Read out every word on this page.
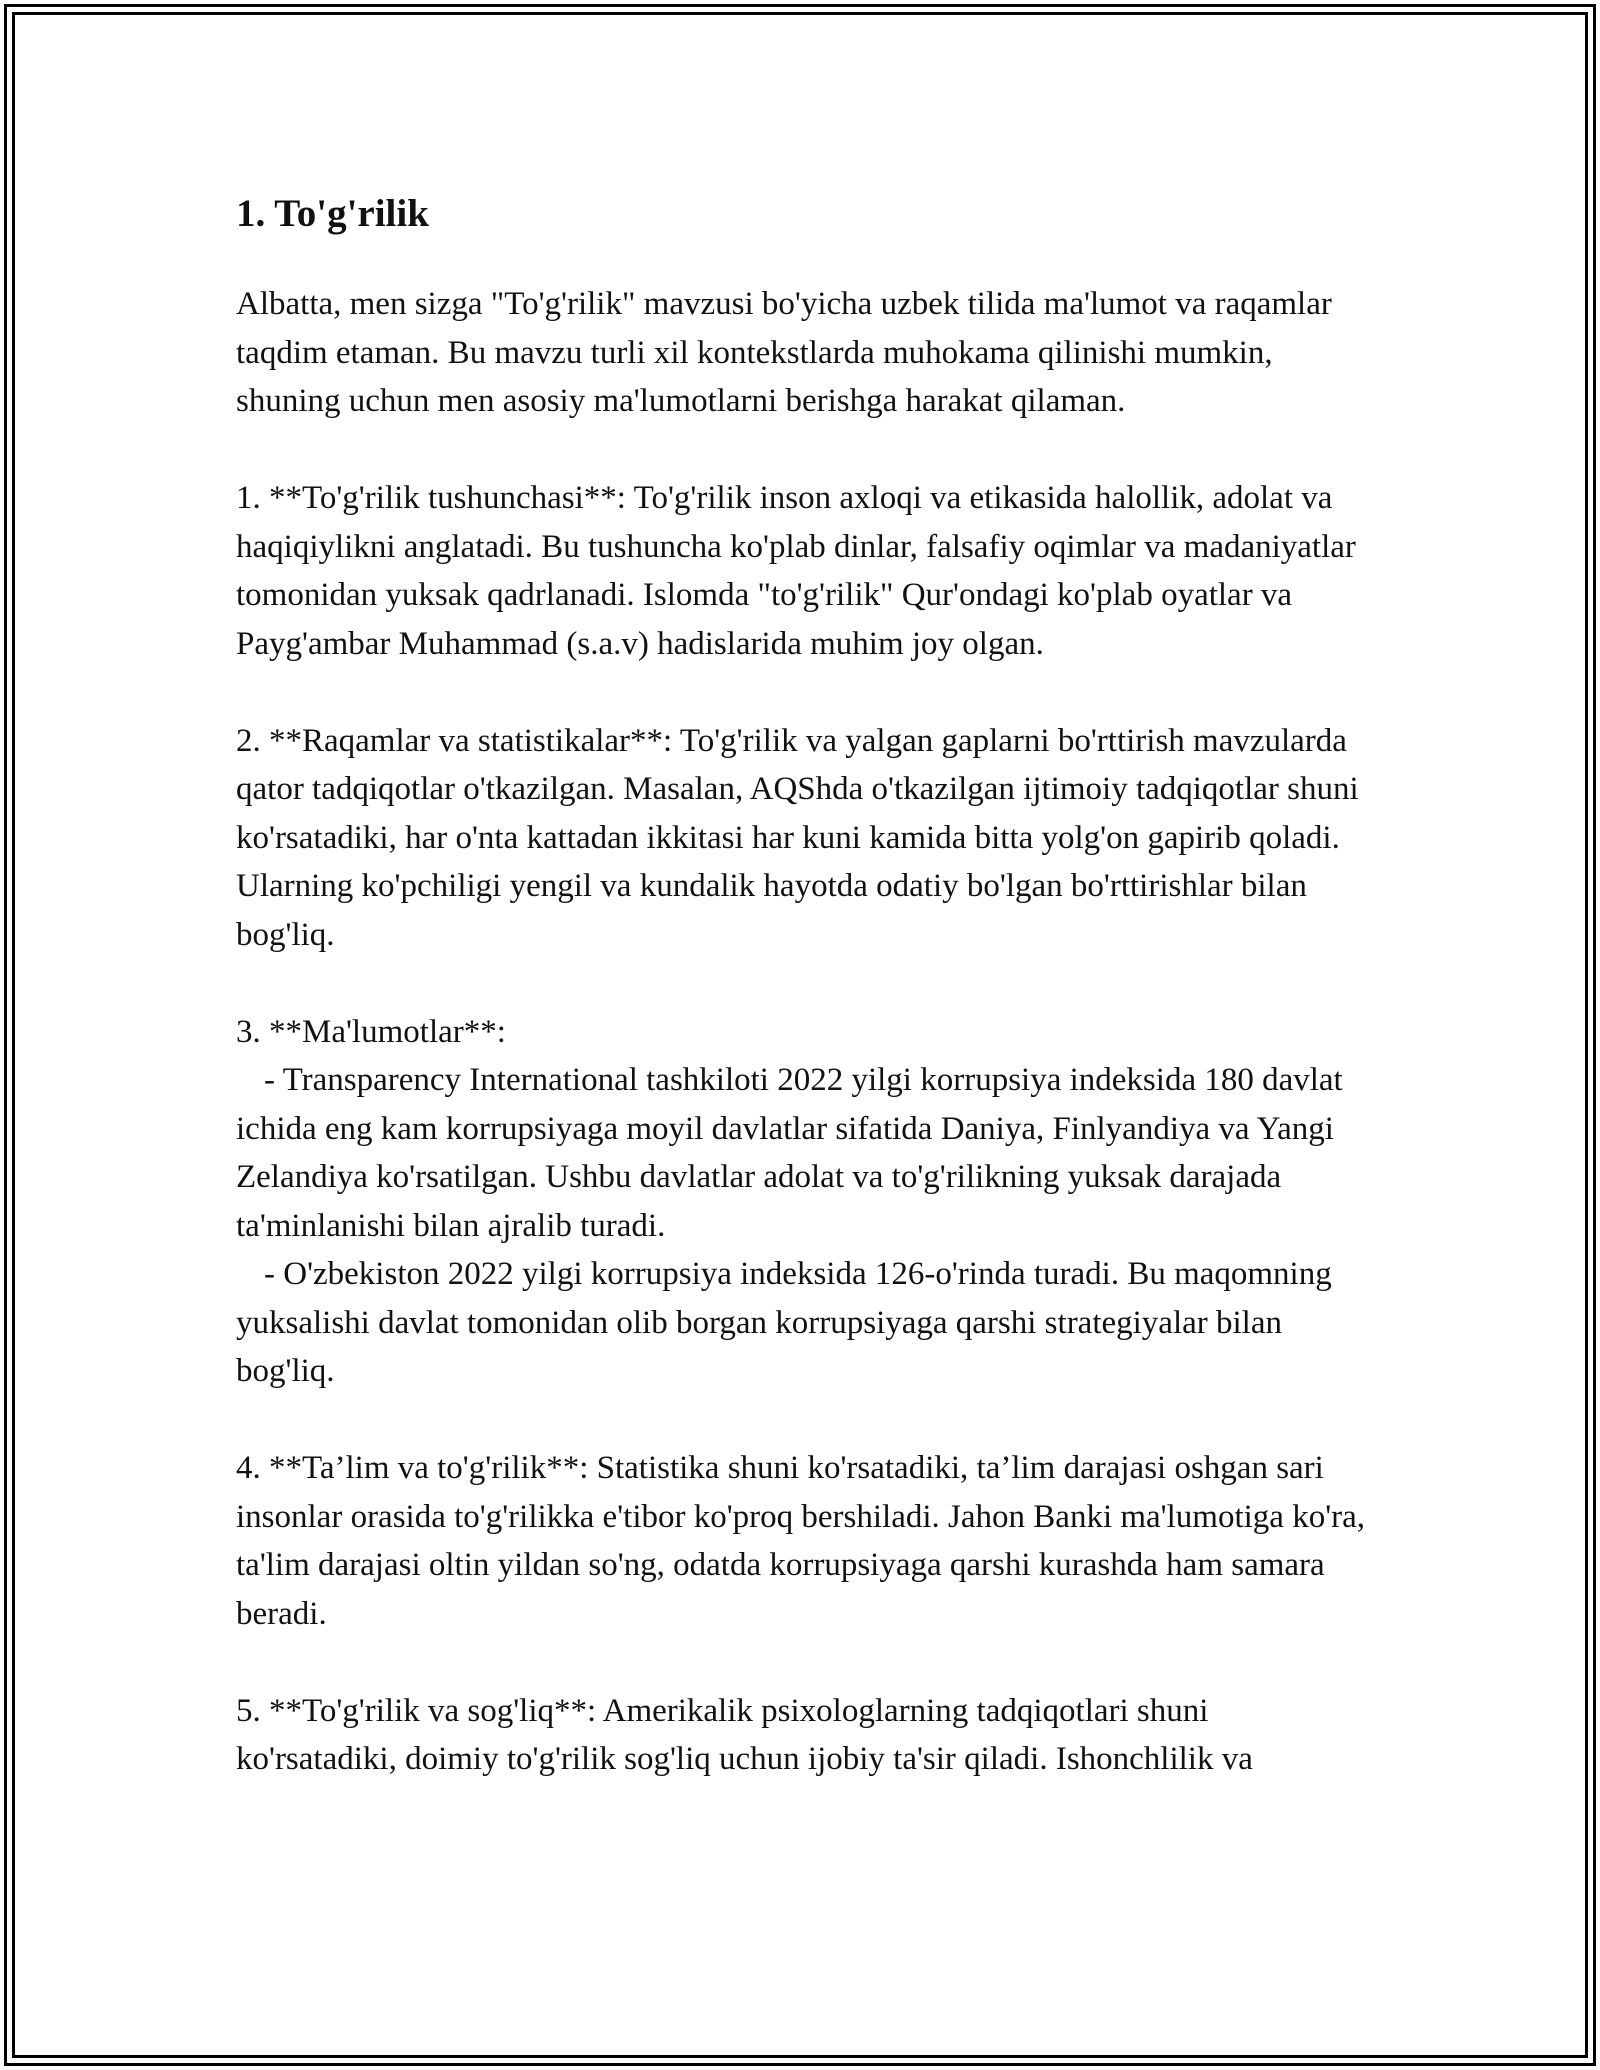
1. To'g'rilik

Albatta, men sizga "To'g'rilik" mavzusi bo'yicha uzbek tilida ma'lumot va raqamlar taqdim etaman. Bu mavzu turli xil kontekstlarda muhokama qilinishi mumkin, shuning uchun men asosiy ma'lumotlarni berishga harakat qilaman.

1. **To'g'rilik tushunchasi**: To'g'rilik inson axloqi va etikasida halollik, adolat va haqiqiylikni anglatadi. Bu tushuncha ko'plab dinlar, falsafiy oqimlar va madaniyatlar tomonidan yuksak qadrlanadi. Islomda "to'g'rilik" Qur'ondagi ko'plab oyatlar va Payg'ambar Muhammad (s.a.v) hadislarida muhim joy olgan.

2. **Raqamlar va statistikalar**: To'g'rilik va yalgan gaplarni bo'rttirish mavzularda qator tadqiqotlar o'tkazilgan. Masalan, AQShda o'tkazilgan ijtimoiy tadqiqotlar shuni ko'rsatadiki, har o'nta kattadan ikkitasi har kuni kamida bitta yolg'on gapirib qoladi. Ularning ko'pchiligi yengil va kundalik hayotda odatiy bo'lgan bo'rttirishlar bilan bog'liq.

3. **Ma'lumotlar**:

- Transparency International tashkiloti 2022 yilgi korrupsiya indeksida 180 davlat ichida eng kam korrupsiyaga moyil davlatlar sifatida Daniya, Finlyandiya va Yangi Zelandiya ko'rsatilgan. Ushbu davlatlar adolat va to'g'rilikning yuksak darajada ta'minlanishi bilan ajralib turadi.

- O'zbekiston 2022 yilgi korrupsiya indeksida 126-o'rinda turadi. Bu maqomning yuksalishi davlat tomonidan olib borgan korrupsiyaga qarshi strategiyalar bilan bog'liq.

4. **Ta’lim va to'g'rilik**: Statistika shuni ko'rsatadiki, ta’lim darajasi oshgan sari insonlar orasida to'g'rilikka e'tibor ko'proq bershiladi. Jahon Banki ma'lumotiga ko'ra, ta'lim darajasi oltin yildan so'ng, odatda korrupsiyaga qarshi kurashda ham samara beradi.

5. **To'g'rilik va sog'liq**: Amerikalik psixologlarning tadqiqotlari shuni ko'rsatadiki, doimiy to'g'rilik sog'liq uchun ijobiy ta'sir qiladi. Ishonchlilik va
